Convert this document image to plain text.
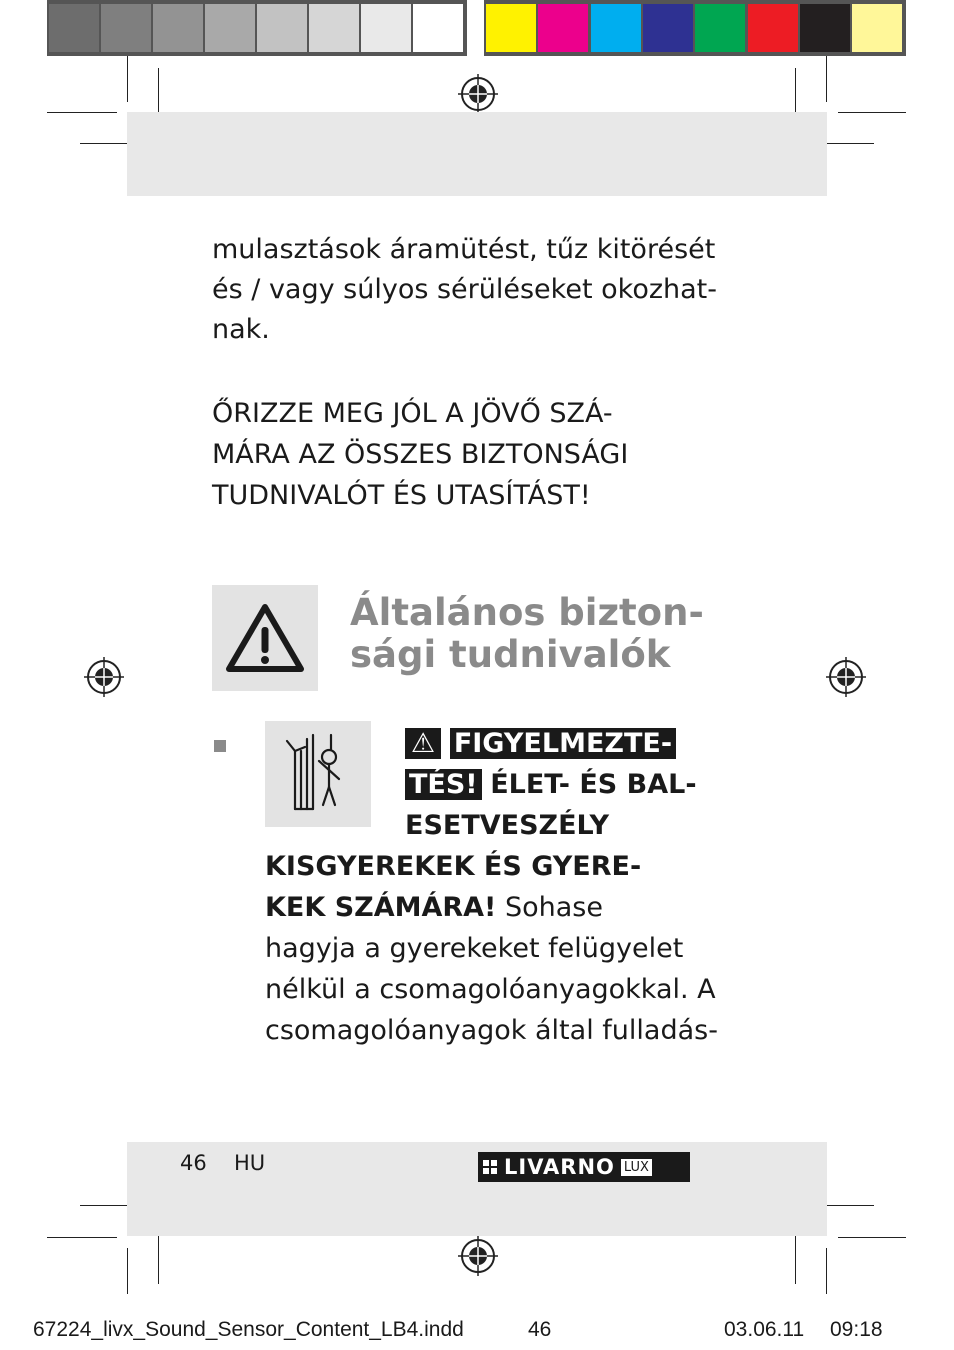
mulasztások áramütést, tűz kitörését
és / vagy súlyos sérüléseket okozhat-
nak.
ŐRIZZE MEG JÓL A JÖVŐ SZÁ-
MÁRA AZ ÖSSZES BIZTONSÁGI
TUDNIVALÓT ÉS UTASÍTÁST!
Általános bizton-
sági tudnivalók
⚠ FIGYELMEZTE-
TÉS! ÉLET- ÉS BAL-
ESETVESZÉLY
KISGYEREKEK ÉS GYERE-
KEK SZÁMÁRA! Sohase
hagyja a gyerekeket felügyelet
nélkül a csomagolóanyagokkal. A
csomagolóanyagok által fulladás-
46 HU	LIVARNO LUX
67224_livx_Sound_Sensor_Content_LB4.indd	46	03.06.11 09:18
